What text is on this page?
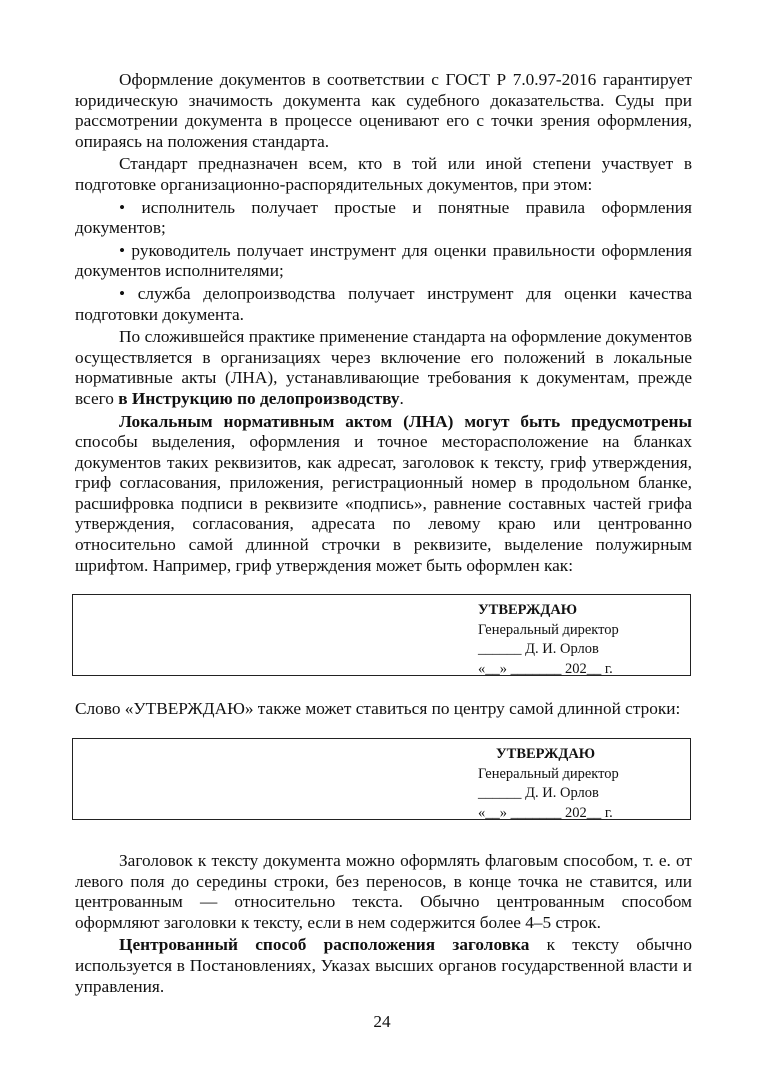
Оформление документов в соответствии с ГОСТ Р 7.0.97-2016 гарантирует юридическую значимость документа как судебного доказательства. Суды при рассмотрении документа в процессе оценивают его с точки зрения оформления, опираясь на положения стандарта.

Стандарт предназначен всем, кто в той или иной степени участвует в подготовке организационно-распорядительных документов, при этом:

• исполнитель получает простые и понятные правила оформления документов;

• руководитель получает инструмент для оценки правильности оформления документов исполнителями;

• служба делопроизводства получает инструмент для оценки качества подготовки документа.

По сложившейся практике применение стандарта на оформление документов осуществляется в организациях через включение его положений в локальные нормативные акты (ЛНА), устанавливающие требования к документам, прежде всего в Инструкцию по делопроизводству.

Локальным нормативным актом (ЛНА) могут быть предусмотрены способы выделения, оформления и точное месторасположение на бланках документов таких реквизитов, как адресат, заголовок к тексту, гриф утверждения, гриф согласования, приложения, регистрационный номер в продольном бланке, расшифровка подписи в реквизите «подпись», равнение составных частей грифа утверждения, согласования, адресата по левому краю или центрованно относительно самой длинной строчки в реквизите, выделение полужирным шрифтом. Например, гриф утверждения может быть оформлен как:

УТВЕРЖДАЮ
Генеральный директор
______ Д. И. Орлов
«__» _______ 202__ г.

Слово «УТВЕРЖДАЮ» также может ставиться по центру самой длинной строки:

УТВЕРЖДАЮ
Генеральный директор
______ Д. И. Орлов
«__» _______ 202__ г.

Заголовок к тексту документа можно оформлять флаговым способом, т. е. от левого поля до середины строки, без переносов, в конце точка не ставится, или центрованным — относительно текста. Обычно центрованным способом оформляют заголовки к тексту, если в нем содержится более 4–5 строк.

Центрованный способ расположения заголовка к тексту обычно используется в Постановлениях, Указах высших органов государственной власти и управления.

24
